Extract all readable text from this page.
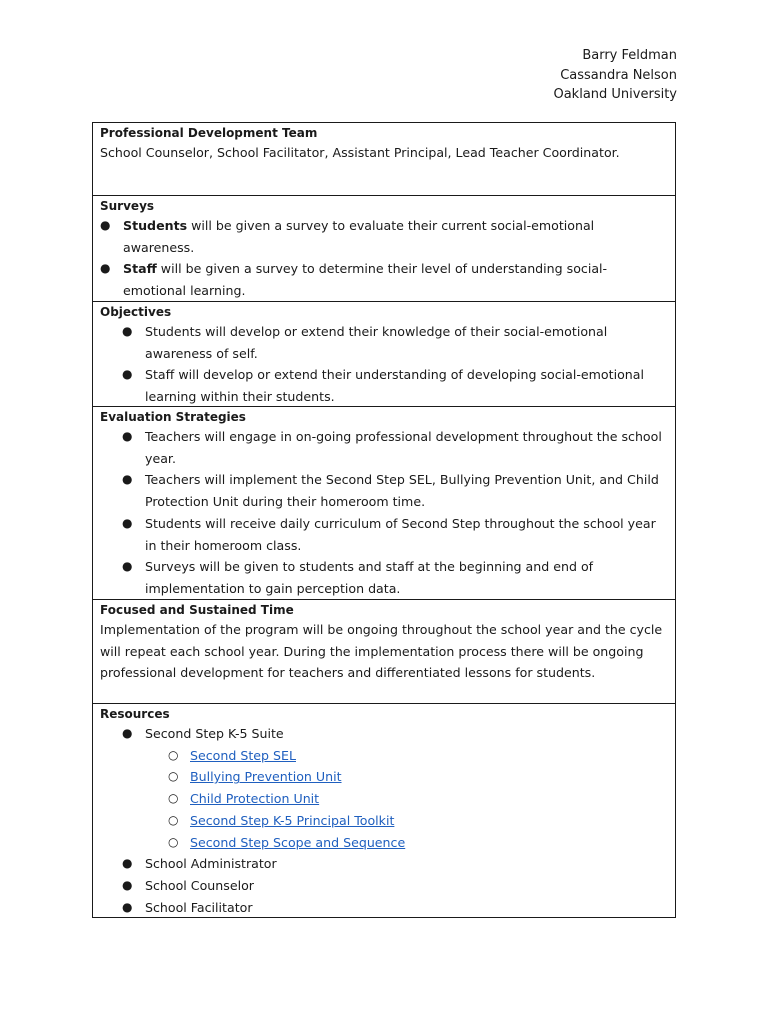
Barry Feldman
Cassandra Nelson
Oakland University
Professional Development Team
School Counselor, School Facilitator, Assistant Principal, Lead Teacher Coordinator.
Surveys
● Students will be given a survey to evaluate their current social-emotional awareness.
● Staff will be given a survey to determine their level of understanding social-emotional learning.
Objectives
● Students will develop or extend their knowledge of their social-emotional awareness of self.
● Staff will develop or extend their understanding of developing social-emotional learning within their students.
Evaluation Strategies
● Teachers will engage in on-going professional development throughout the school year.
● Teachers will implement the Second Step SEL, Bullying Prevention Unit, and Child Protection Unit during their homeroom time.
● Students will receive daily curriculum of Second Step throughout the school year in their homeroom class.
● Surveys will be given to students and staff at the beginning and end of implementation to gain perception data.
Focused and Sustained Time
Implementation of the program will be ongoing throughout the school year and the cycle will repeat each school year. During the implementation process there will be ongoing professional development for teachers and differentiated lessons for students.
Resources
● Second Step K-5 Suite
○ Second Step SEL
○ Bullying Prevention Unit
○ Child Protection Unit
○ Second Step K-5 Principal Toolkit
○ Second Step Scope and Sequence
● School Administrator
● School Counselor
● School Facilitator
